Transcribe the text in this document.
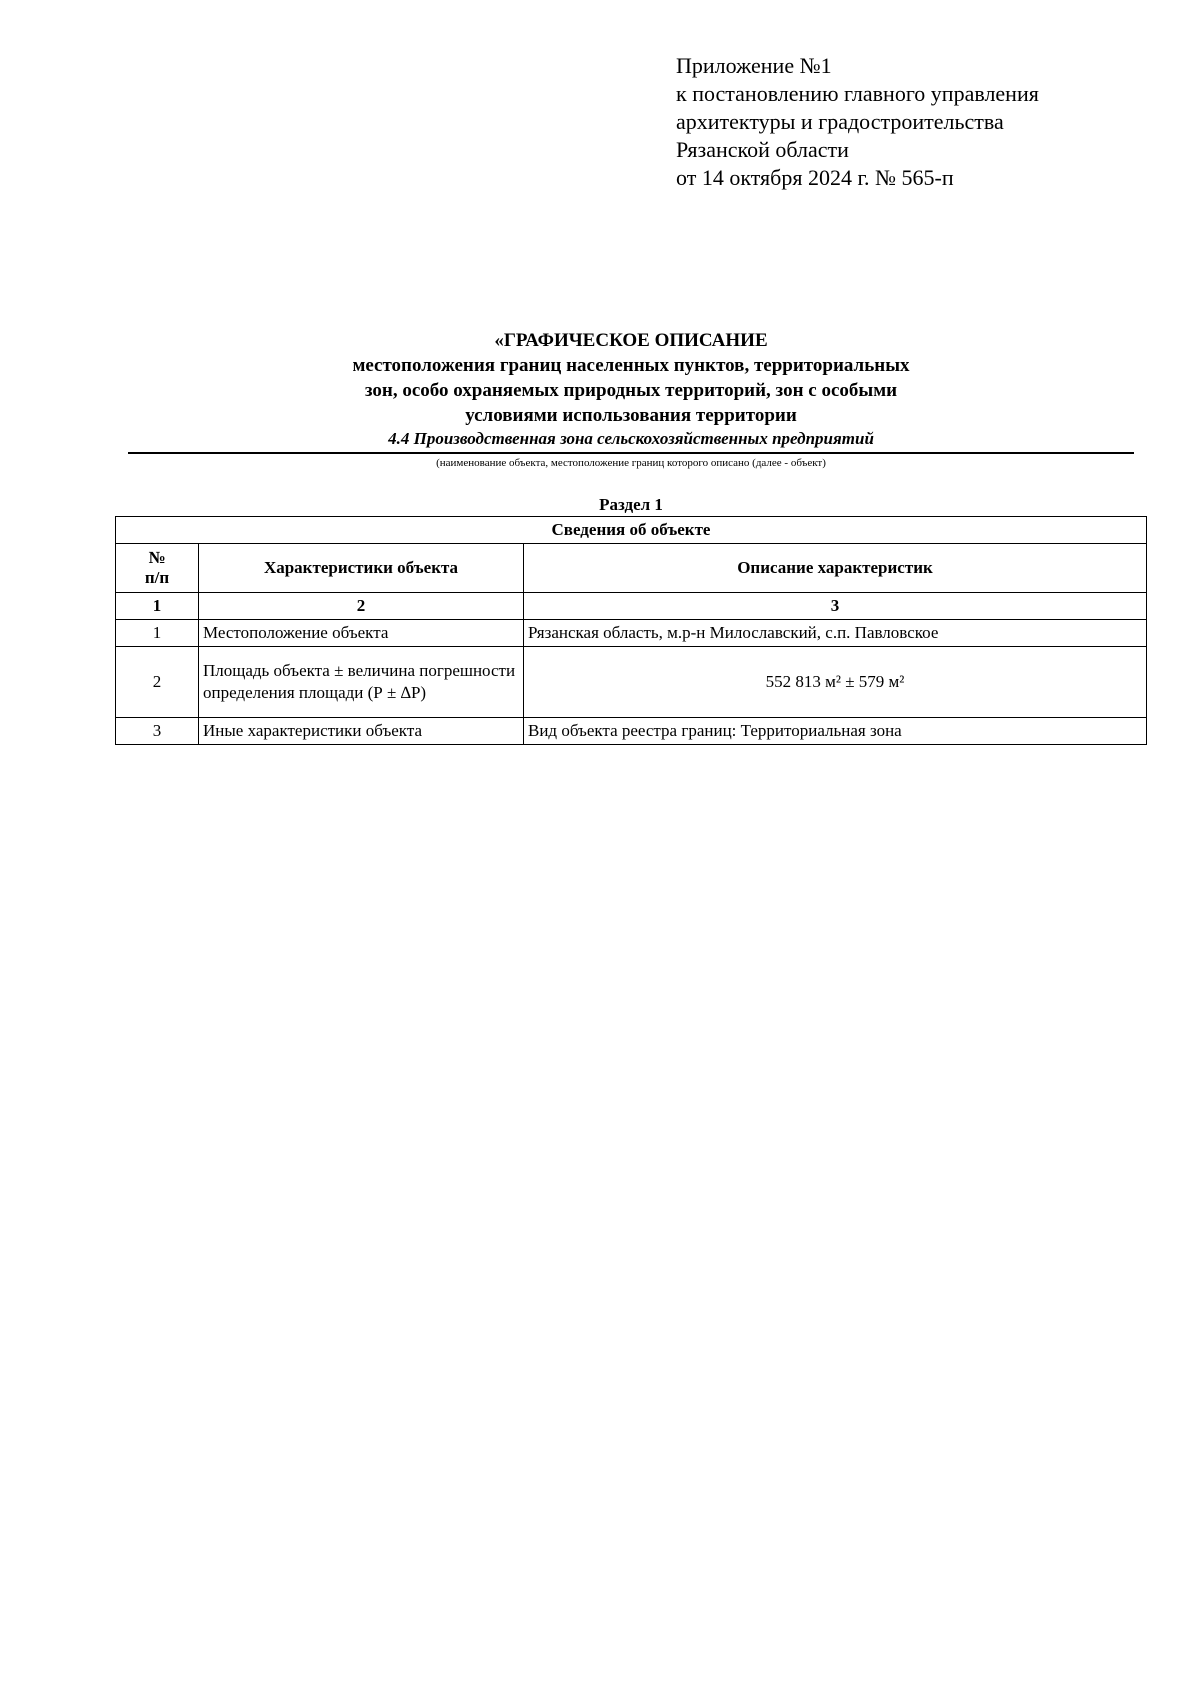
Приложение №1
к постановлению главного управления
архитектуры и градостроительства
Рязанской области
от 14 октября 2024 г. № 565-п
«ГРАФИЧЕСКОЕ ОПИСАНИЕ
местоположения границ населенных пунктов, территориальных
зон, особо охраняемых природных территорий, зон с особыми
условиями использования территории
4.4 Производственная зона сельскохозяйственных предприятий
(наименование объекта, местоположение границ которого описано (далее - объект)
Раздел 1
Сведения об объекте		
№
п/п	Характеристики объекта	Описание характеристик
1	2	3
1	Местоположение объекта	Рязанская область, м.р-н Милославский, с.п. Павловское
2	Площадь объекта ± величина погрешности определения площади (Р ± ∆Р)	552 813 м² ± 579 м²
3	Иные характеристики объекта	Вид объекта реестра границ: Территориальная зона
